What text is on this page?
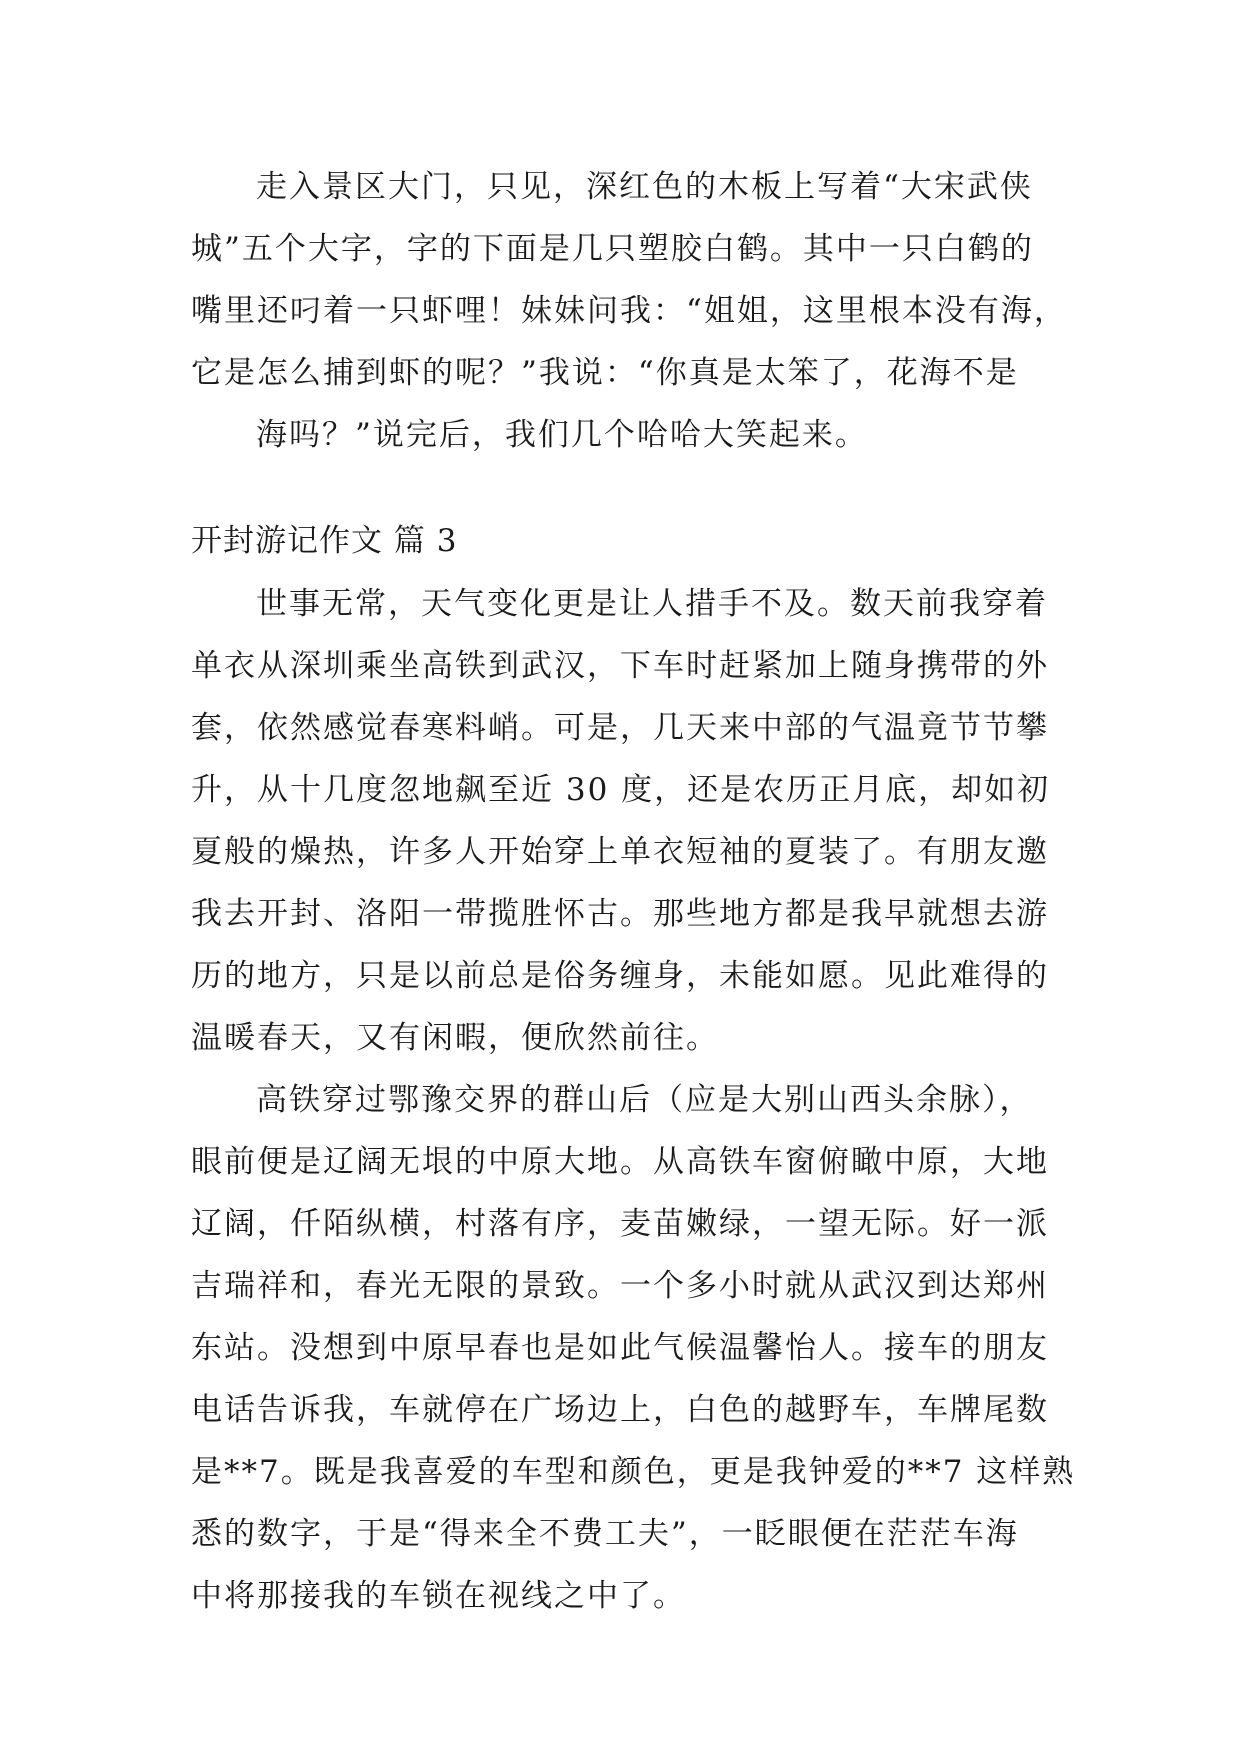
走入景区大门，只见，深红色的木板上写着“大宋武侠
城”五个大字，字的下面是几只塑胶白鹤。其中一只白鹤的
嘴里还叼着一只虾哩！妹妹问我：“姐姐，这里根本没有海，
它是怎么捕到虾的呢？”我说：“你真是太笨了，花海不是
海吗？”说完后，我们几个哈哈大笑起来。
开封游记作文 篇 3
世事无常，天气变化更是让人措手不及。数天前我穿着
单衣从深圳乘坐高铁到武汉，下车时赶紧加上随身携带的外
套，依然感觉春寒料峭。可是，几天来中部的气温竟节节攀
升，从十几度忽地飙至近 30 度，还是农历正月底，却如初
夏般的燥热，许多人开始穿上单衣短袖的夏装了。有朋友邀
我去开封、洛阳一带揽胜怀古。那些地方都是我早就想去游
历的地方，只是以前总是俗务缠身，未能如愿。见此难得的
温暖春天，又有闲暇，便欣然前往。
高铁穿过鄂豫交界的群山后（应是大别山西头余脉），
眼前便是辽阔无垠的中原大地。从高铁车窗俯瞰中原，大地
辽阔，仟陌纵横，村落有序，麦苗嫩绿，一望无际。好一派
吉瑞祥和，春光无限的景致。一个多小时就从武汉到达郑州
东站。没想到中原早春也是如此气候温馨怡人。接车的朋友
电话告诉我，车就停在广场边上，白色的越野车，车牌尾数
是**7。既是我喜爱的车型和颜色，更是我钟爱的**7 这样熟
悉的数字，于是“得来全不费工夫”，一眨眼便在茫茫车海
中将那接我的车锁在视线之中了。
